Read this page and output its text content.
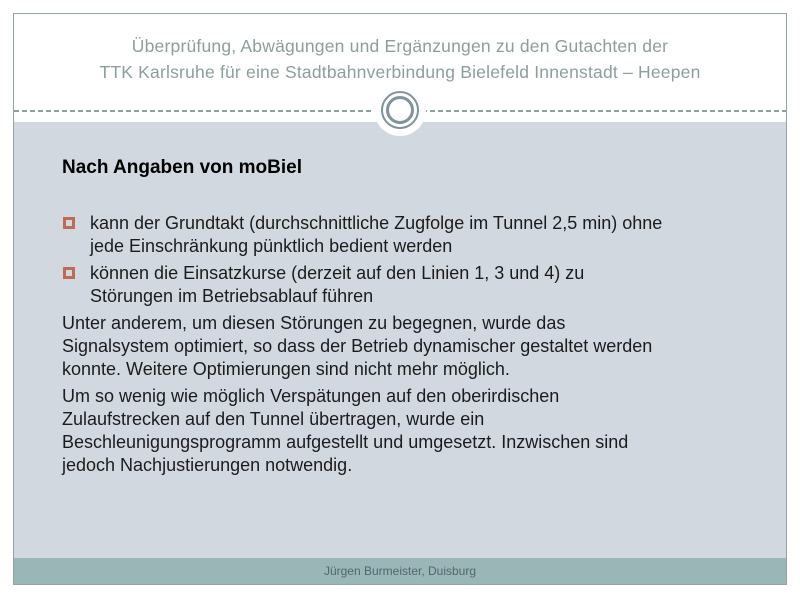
Überprüfung, Abwägungen und Ergänzungen zu den Gutachten der
TTK Karlsruhe für eine Stadtbahnverbindung Bielefeld Innenstadt – Heepen
Nach Angaben von moBiel
kann der Grundtakt (durchschnittliche Zugfolge im Tunnel 2,5 min) ohne
jede Einschränkung pünktlich bedient werden
können die Einsatzkurse (derzeit auf den Linien 1, 3 und 4) zu
Störungen im Betriebsablauf führen
Unter anderem, um diesen Störungen zu begegnen, wurde das
Signalsystem optimiert, so dass der Betrieb dynamischer gestaltet werden
konnte. Weitere Optimierungen sind nicht mehr möglich.
Um so wenig wie möglich Verspätungen auf den oberirdischen
Zulaufstrecken auf den Tunnel übertragen, wurde ein
Beschleunigungsprogramm aufgestellt und umgesetzt. Inzwischen sind
jedoch Nachjustierungen notwendig.
Jürgen Burmeister, Duisburg
